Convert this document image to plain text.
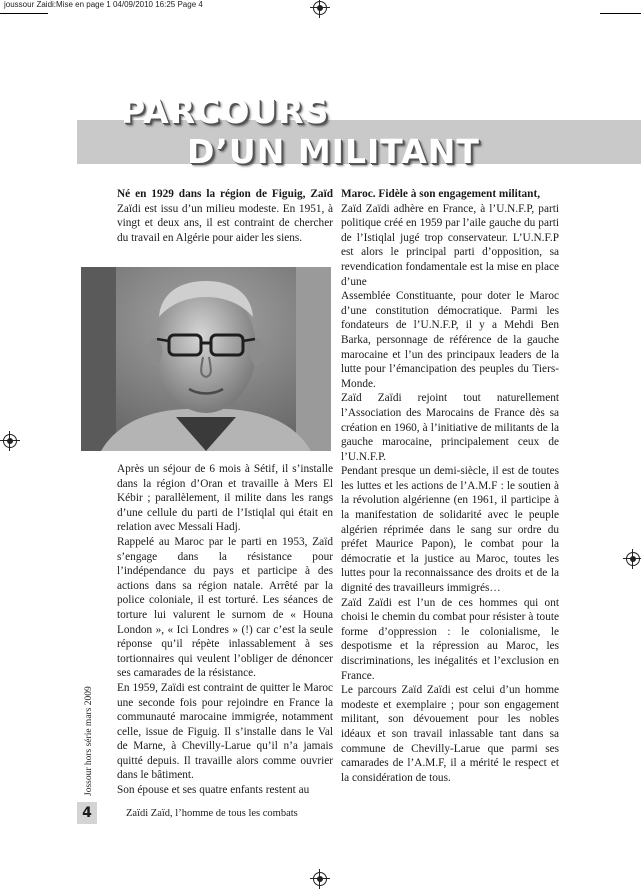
joussour Zaidi:Mise en page 1 04/09/2010 16:25 Page 4
PARCOURS
D’UN MILITANT

Né en 1929 dans la région de Figuig, Zaïd Zaïdi est issu d’un milieu modeste. En 1951, à vingt et deux ans, il est contraint de chercher du travail en Algérie pour aider les siens.

Après un séjour de 6 mois à Sétif, il s’installe dans la région d’Oran et travaille à Mers El Kébir ; parallèlement, il milite dans les rangs d’une cellule du parti de l’Istiqlal qui était en relation avec Messali Hadj.

Rappelé au Maroc par le parti en 1953, Zaïd s’engage dans la résistance pour l’indépendance du pays et participe à des actions dans sa région natale. Arrêté par la police coloniale, il est torturé. Les séances de torture lui valurent le surnom de « Houna London », « Ici Londres » (!) car c’est la seule réponse qu’il répète inlassablement à ses tortionnaires qui veulent l’obliger de dénoncer ses camarades de la résistance.

En 1959, Zaïdi est contraint de quitter le Maroc une seconde fois pour rejoindre en France la communauté marocaine immigrée, notamment celle, issue de Figuig. Il s’installe dans le Val de Marne, à Chevilly-Larue qu’il n’a jamais quitté depuis. Il travaille alors comme ouvrier dans le bâtiment.

Son épouse et ses quatre enfants restent au

Maroc. Fidèle à son engagement militant,

Zaïd Zaïdi adhère en France, à l’U.N.F.P, parti politique créé en 1959 par l’aile gauche du parti de l’Istiqlal jugé trop conservateur. L’U.N.F.P est alors le principal parti d’opposition, sa revendication fondamentale est la mise en place d’une

Assemblée Constituante, pour doter le Maroc d’une constitution démocratique. Parmi les fondateurs de l’U.N.F.P, il y a Mehdi Ben Barka, personnage de référence de la gauche marocaine et l’un des principaux leaders de la lutte pour l’émancipation des peuples du Tiers-Monde.

Zaïd Zaïdi rejoint tout naturellement l’Association des Marocains de France dès sa création en 1960, à l’initiative de militants de la gauche marocaine, principalement ceux de l’U.N.F.P.

Pendant presque un demi-siècle, il est de toutes les luttes et les actions de l’A.M.F : le soutien à la révolution algérienne (en 1961, il participe à la manifestation de solidarité avec le peuple algérien réprimée dans le sang sur ordre du préfet Maurice Papon), le combat pour la démocratie et la justice au Maroc, toutes les luttes pour la reconnaissance des droits et de la dignité des travailleurs immigrés…

Zaïd Zaïdi est l’un de ces hommes qui ont choisi le chemin du combat pour résister à toute forme d’oppression : le colonialisme, le despotisme et la répression au Maroc, les discriminations, les inégalités et l’exclusion en France.

Le parcours Zaïd Zaïdi est celui d’un homme modeste et exemplaire ; pour son engagement militant, son dévouement pour les nobles idéaux et son travail inlassable tant dans sa commune de Chevilly-Larue que parmi ses camarades de l’A.M.F, il a mérité le respect et la considération de tous.

Jossour hors série mars 2009
4	Zaïdi Zaïd, l’homme de tous les combats
